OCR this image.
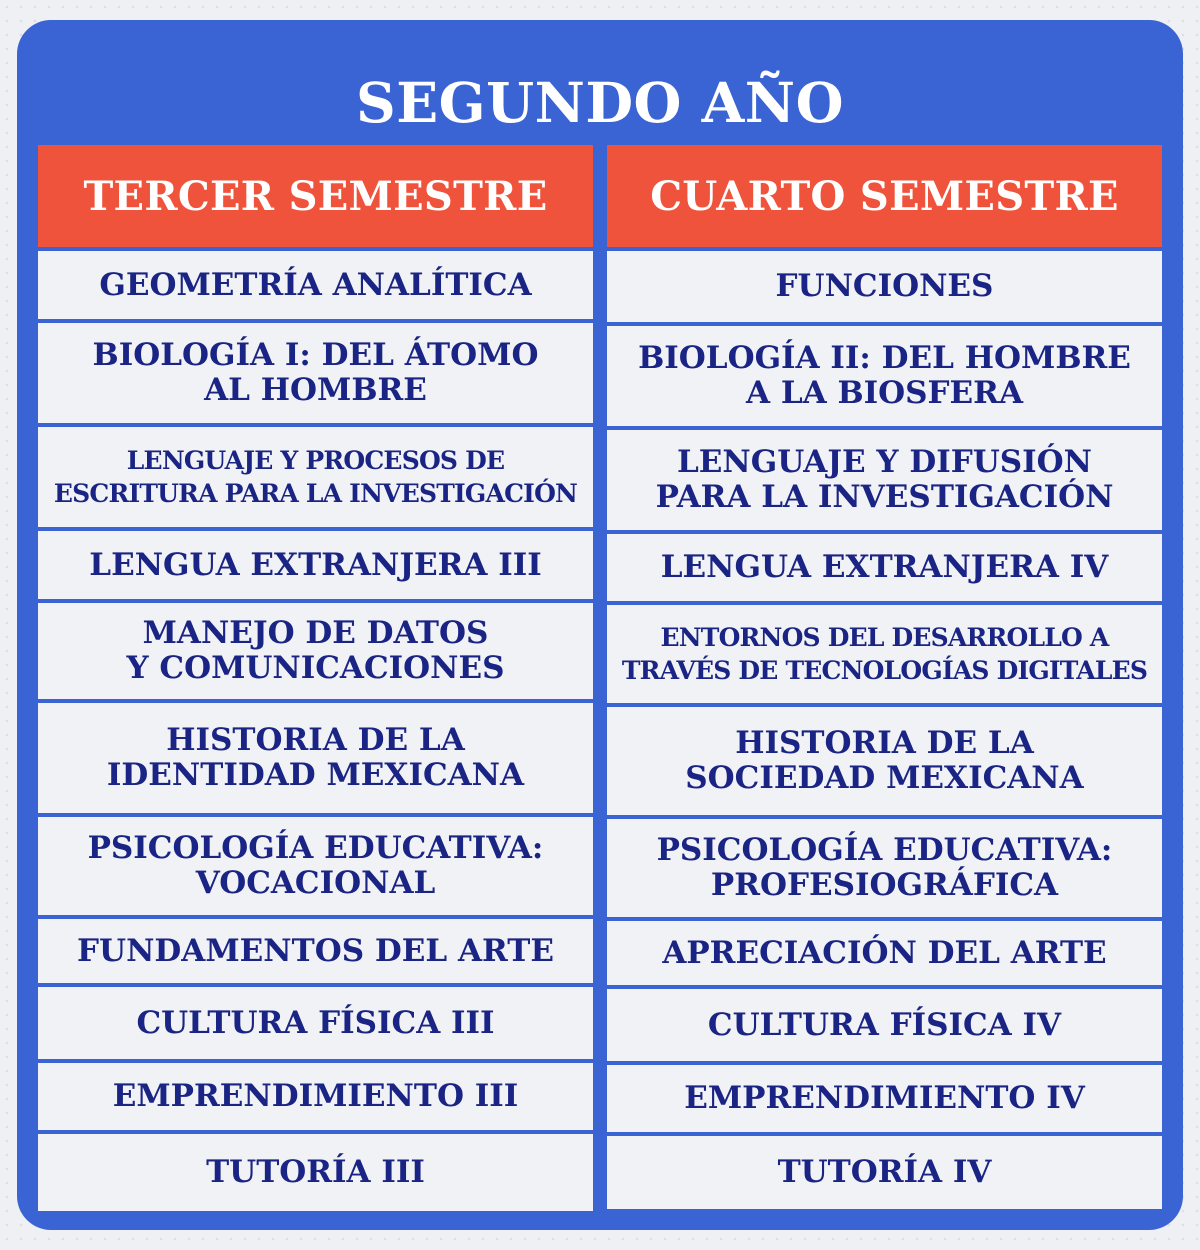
SEGUNDO AÑO
TERCER SEMESTRE
GEOMETRÍA ANALÍTICA
BIOLOGÍA I: DEL ÁTOMO
AL HOMBRE
LENGUAJE Y PROCESOS DE
ESCRITURA PARA LA INVESTIGACIÓN
LENGUA EXTRANJERA III
MANEJO DE DATOS
Y COMUNICACIONES
HISTORIA DE LA
IDENTIDAD MEXICANA
PSICOLOGÍA EDUCATIVA:
VOCACIONAL
FUNDAMENTOS DEL ARTE
CULTURA FÍSICA III
EMPRENDIMIENTO III
TUTORÍA III
CUARTO SEMESTRE
FUNCIONES
BIOLOGÍA II: DEL HOMBRE
A LA BIOSFERA
LENGUAJE Y DIFUSIÓN
PARA LA INVESTIGACIÓN
LENGUA EXTRANJERA IV
ENTORNOS DEL DESARROLLO A
TRAVÉS DE TECNOLOGÍAS DIGITALES
HISTORIA DE LA
SOCIEDAD MEXICANA
PSICOLOGÍA EDUCATIVA:
PROFESIOGRÁFICA
APRECIACIÓN DEL ARTE
CULTURA FÍSICA IV
EMPRENDIMIENTO IV
TUTORÍA IV
